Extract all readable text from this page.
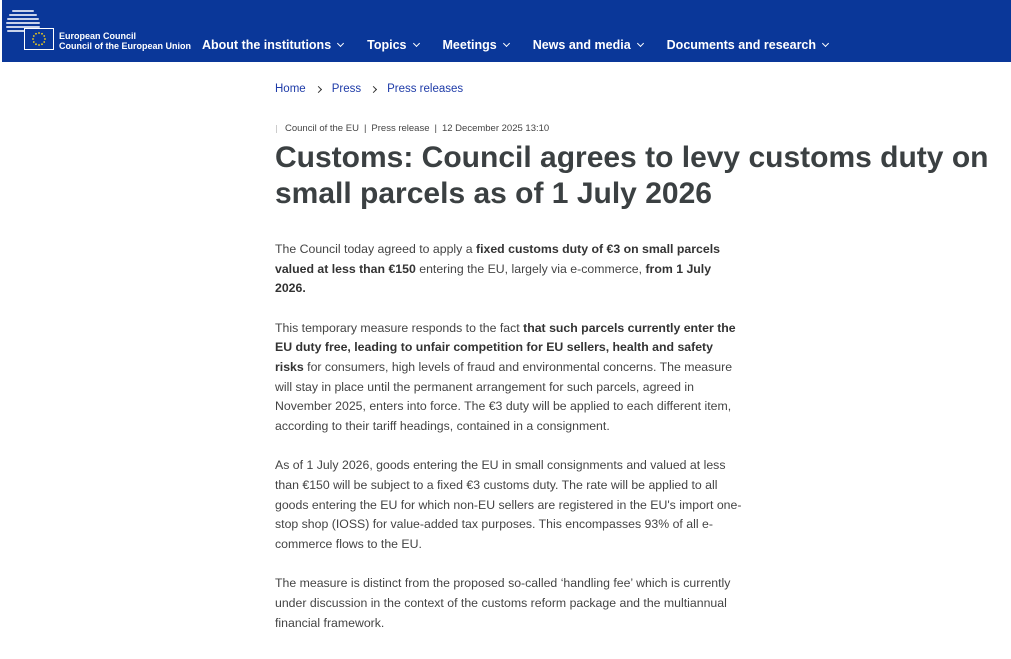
European Council
Council of the European Union About the institutions	Topics	Meetings	News and media	Documents and research
Home Press Press releases
Council of the EU | Press release | 12 December 2025 13:10
Customs: Council agrees to levy customs duty on small parcels as of 1 July 2026

The Council today agreed to apply a fixed customs duty of €3 on small parcels valued at less than €150 entering the EU, largely via e-commerce, from 1 July 2026.

This temporary measure responds to the fact that such parcels currently enter the EU duty free, leading to unfair competition for EU sellers, health and safety risks for consumers, high levels of fraud and environmental concerns. The measure will stay in place until the permanent arrangement for such parcels, agreed in November 2025, enters into force. The €3 duty will be applied to each different item, according to their tariff headings, contained in a consignment.

As of 1 July 2026, goods entering the EU in small consignments and valued at less than €150 will be subject to a fixed €3 customs duty. The rate will be applied to all goods entering the EU for which non-EU sellers are registered in the EU's import one-stop shop (IOSS) for value-added tax purposes. This encompasses 93% of all e-commerce flows to the EU.

The measure is distinct from the proposed so-called ‘handling fee’ which is currently under discussion in the context of the customs reform package and the multiannual financial framework.
